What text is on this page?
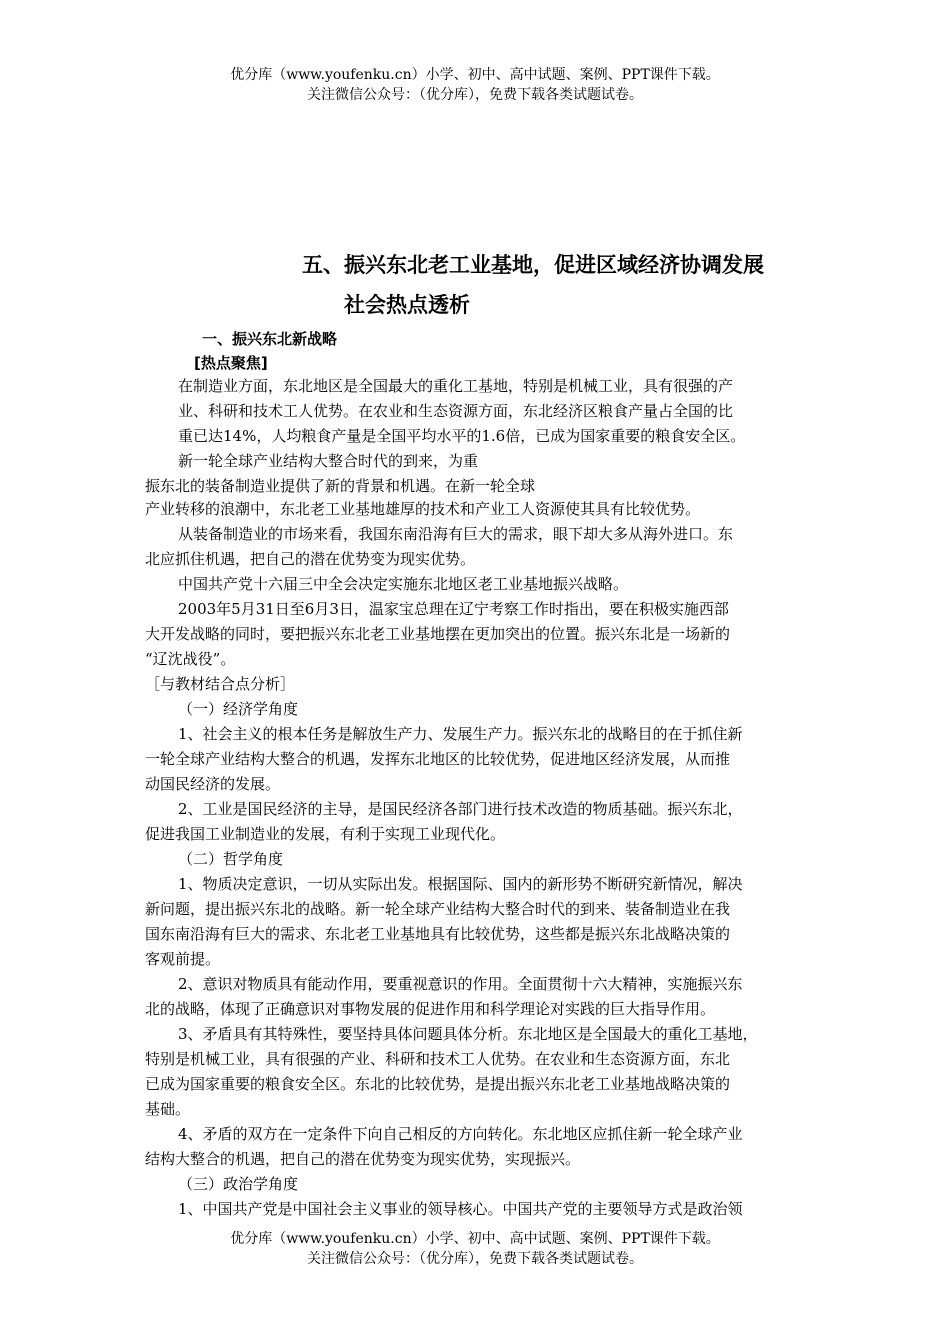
优分库（www.youfenku.cn）小学、初中、高中试题、案例、PPT课件下载。
关注微信公众号：（优分库），免费下载各类试题试卷。
五、振兴东北老工业基地，促进区域经济协调发展
社会热点透析
一、振兴东北新战略
[热点聚焦]
在制造业方面，东北地区是全国最大的重化工基地，特别是机械工业，具有很强的产
业、科研和技术工人优势。在农业和生态资源方面，东北经济区粮食产量占全国的比
重已达14%，人均粮食产量是全国平均水平的1.6倍，已成为国家重要的粮食安全区。
新一轮全球产业结构大整合时代的到来，为重
振东北的装备制造业提供了新的背景和机遇。在新一轮全球
产业转移的浪潮中，东北老工业基地雄厚的技术和产业工人资源使其具有比较优势。
从装备制造业的市场来看，我国东南沿海有巨大的需求，眼下却大多从海外进口。东
北应抓住机遇，把自己的潜在优势变为现实优势。
中国共产党十六届三中全会决定实施东北地区老工业基地振兴战略。
2003年5月31日至6月3日，温家宝总理在辽宁考察工作时指出，要在积极实施西部
大开发战略的同时，要把振兴东北老工业基地摆在更加突出的位置。振兴东北是一场新的
“辽沈战役”。
［与教材结合点分析］
（一）经济学角度
1、社会主义的根本任务是解放生产力、发展生产力。振兴东北的战略目的在于抓住新
一轮全球产业结构大整合的机遇，发挥东北地区的比较优势，促进地区经济发展，从而推
动国民经济的发展。
2、工业是国民经济的主导，是国民经济各部门进行技术改造的物质基础。振兴东北，
促进我国工业制造业的发展，有利于实现工业现代化。
（二）哲学角度
1、物质决定意识，一切从实际出发。根据国际、国内的新形势不断研究新情况，解决
新问题，提出振兴东北的战略。新一轮全球产业结构大整合时代的到来、装备制造业在我
国东南沿海有巨大的需求、东北老工业基地具有比较优势，这些都是振兴东北战略决策的
客观前提。
2、意识对物质具有能动作用，要重视意识的作用。全面贯彻十六大精神，实施振兴东
北的战略，体现了正确意识对事物发展的促进作用和科学理论对实践的巨大指导作用。
3、矛盾具有其特殊性，要坚持具体问题具体分析。东北地区是全国最大的重化工基地，
特别是机械工业，具有很强的产业、科研和技术工人优势。在农业和生态资源方面，东北
已成为国家重要的粮食安全区。东北的比较优势，是提出振兴东北老工业基地战略决策的
基础。
4、矛盾的双方在一定条件下向自己相反的方向转化。东北地区应抓住新一轮全球产业
结构大整合的机遇，把自己的潜在优势变为现实优势，实现振兴。
（三）政治学角度
1、中国共产党是中国社会主义事业的领导核心。中国共产党的主要领导方式是政治领
优分库（www.youfenku.cn）小学、初中、高中试题、案例、PPT课件下载。
关注微信公众号：（优分库），免费下载各类试题试卷。
